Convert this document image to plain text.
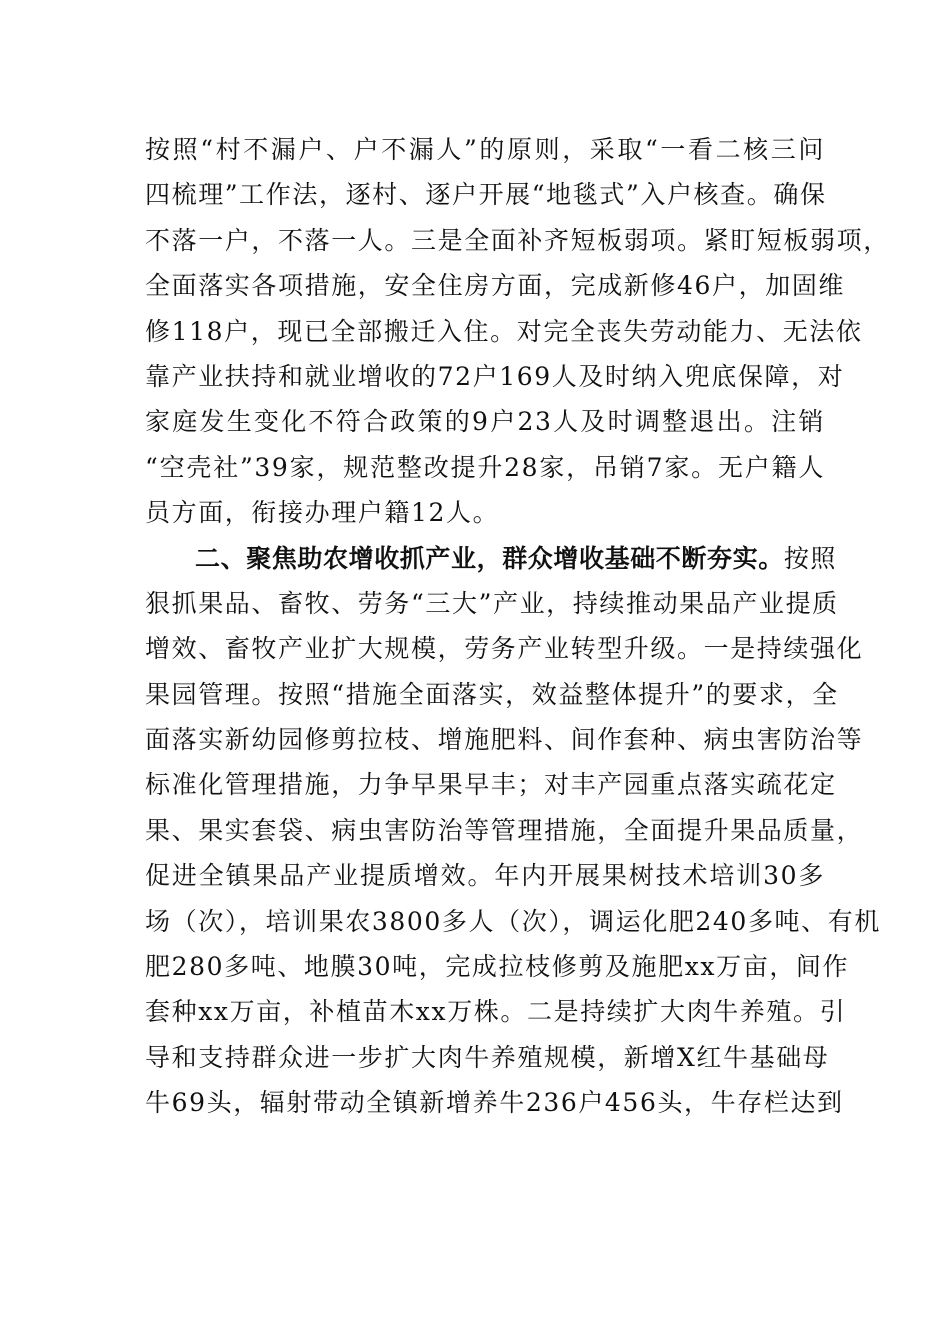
按照“村不漏户、户不漏人”的原则，采取“一看二核三问
四梳理”工作法，逐村、逐户开展“地毯式”入户核查。确保
不落一户，不落一人。三是全面补齐短板弱项。紧盯短板弱项，
全面落实各项措施，安全住房方面，完成新修46户，加固维
修118户，现已全部搬迁入住。对完全丧失劳动能力、无法依
靠产业扶持和就业增收的72户169人及时纳入兜底保障，对
家庭发生变化不符合政策的9户23人及时调整退出。注销
“空壳社”39家，规范整改提升28家，吊销7家。无户籍人
员方面，衔接办理户籍12人。
二、聚焦助农增收抓产业，群众增收基础不断夯实。按照
狠抓果品、畜牧、劳务“三大”产业，持续推动果品产业提质
增效、畜牧产业扩大规模，劳务产业转型升级。一是持续强化
果园管理。按照“措施全面落实，效益整体提升”的要求，全
面落实新幼园修剪拉枝、增施肥料、间作套种、病虫害防治等
标准化管理措施，力争早果早丰；对丰产园重点落实疏花定
果、果实套袋、病虫害防治等管理措施，全面提升果品质量，
促进全镇果品产业提质增效。年内开展果树技术培训30多
场（次），培训果农3800多人（次），调运化肥240多吨、有机
肥280多吨、地膜30吨，完成拉枝修剪及施肥xx万亩，间作
套种xx万亩，补植苗木xx万株。二是持续扩大肉牛养殖。引
导和支持群众进一步扩大肉牛养殖规模，新增X红牛基础母
牛69头，辐射带动全镇新增养牛236户456头，牛存栏达到
